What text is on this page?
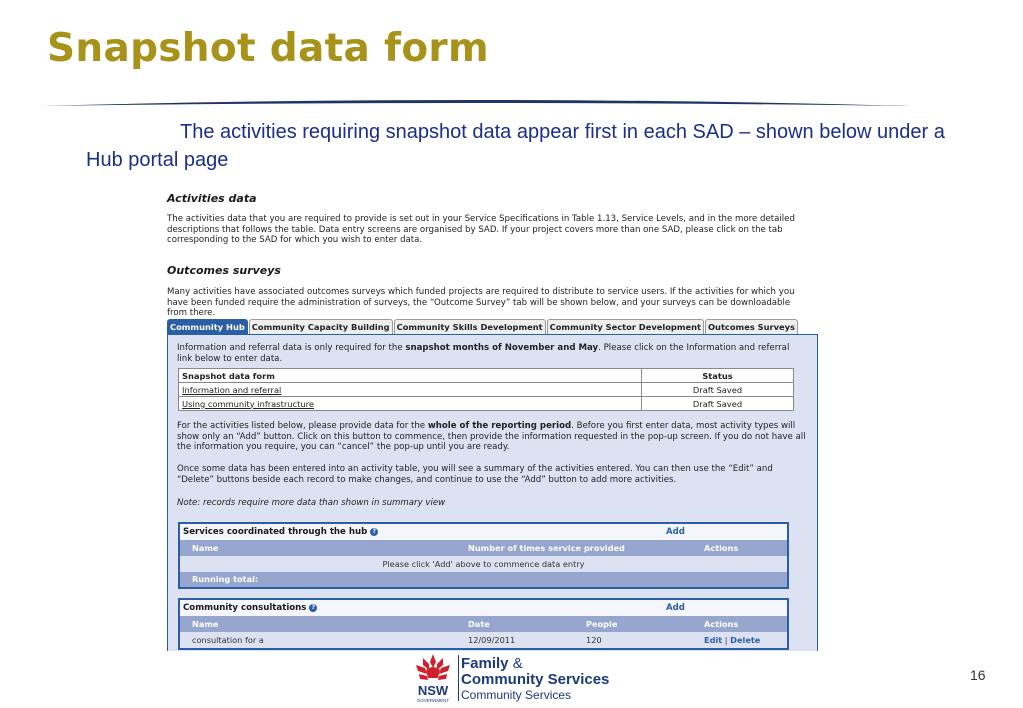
Snapshot data form
The activities requiring snapshot data appear first in each SAD – shown below under a Hub portal page
Activities data

The activities data that you are required to provide is set out in your Service Specifications in Table 1.13, Service Levels, and in the more detailed descriptions that follows the table. Data entry screens are organised by SAD. If your project covers more than one SAD, please click on the tab corresponding to the SAD for which you wish to enter data.

Outcomes surveys

Many activities have associated outcomes surveys which funded projects are required to distribute to service users. If the activities for which you have been funded require the administration of surveys, the “Outcome Survey” tab will be shown below, and your surveys can be downloadable from there.

Community Hub Community Capacity Building Community Skills Development Community Sector Development Outcomes Surveys
Information and referral data is only required for the snapshot months of November and May. Please click on the Information and referral link below to enter data.
Snapshot data form	Status
Information and referral	Draft Saved
Using community infrastructure	Draft Saved
For the activities listed below, please provide data for the whole of the reporting period. Before you first enter data, most activity types will show only an “Add” button. Click on this button to commence, then provide the information requested in the pop-up screen. If you do not have all the information you require, you can “cancel” the pop-up until you are ready.
Once some data has been entered into an activity table, you will see a summary of the activities entered. You can then use the “Edit” and “Delete” buttons beside each record to make changes, and continue to use the “Add” button to add more activities.
Note: records require more data than shown in summary view
Services coordinated through the hub ?	Add
Name	Number of times service provided	Actions
Please click 'Add' above to commence data entry
Running total:
Community consultations ?	Add
Name	Date	People	Actions
consultation for a	12/09/2011	120	Edit | Delete
NSW
GOVERNMENT
Family &
Community Services
Community Services
16
